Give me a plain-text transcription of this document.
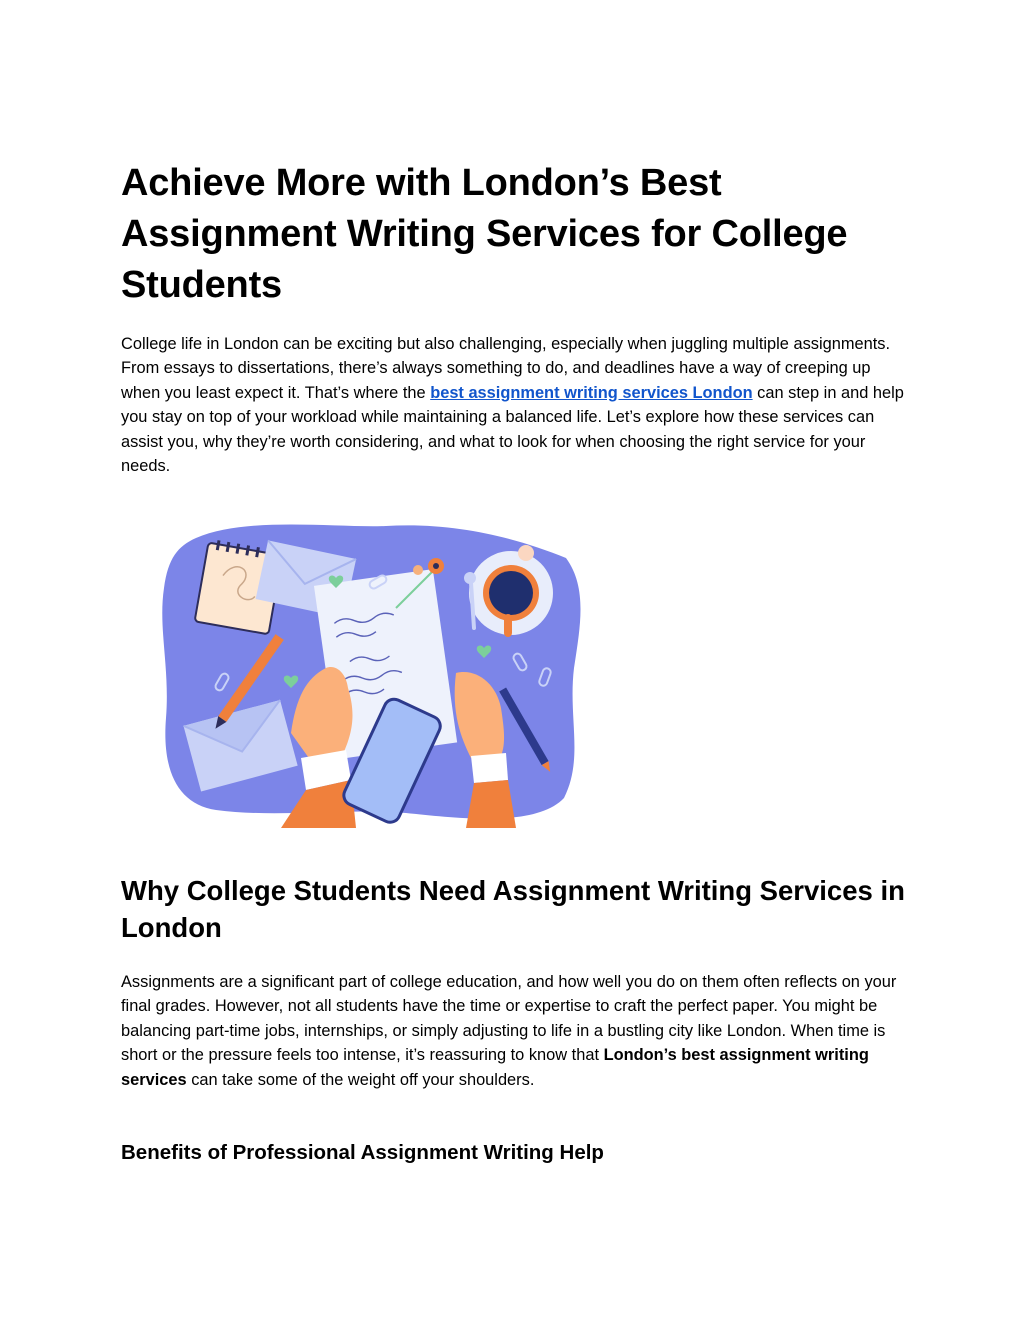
Achieve More with London’s Best Assignment Writing Services for College Students

College life in London can be exciting but also challenging, especially when juggling multiple assignments. From essays to dissertations, there’s always something to do, and deadlines have a way of creeping up when you least expect it. That’s where the best assignment writing services London can step in and help you stay on top of your workload while maintaining a balanced life. Let’s explore how these services can assist you, why they’re worth considering, and what to look for when choosing the right service for your needs.

Why College Students Need Assignment Writing Services in London

Assignments are a significant part of college education, and how well you do on them often reflects on your final grades. However, not all students have the time or expertise to craft the perfect paper. You might be balancing part-time jobs, internships, or simply adjusting to life in a bustling city like London. When time is short or the pressure feels too intense, it’s reassuring to know that London’s best assignment writing services can take some of the weight off your shoulders.

Benefits of Professional Assignment Writing Help
